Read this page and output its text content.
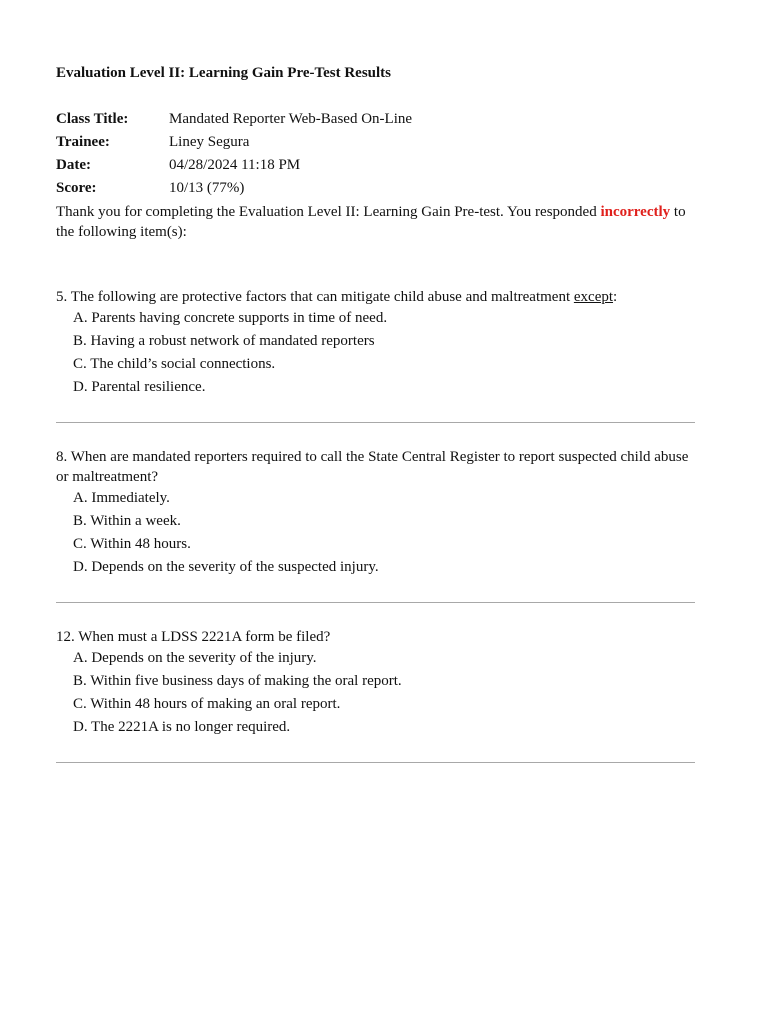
Evaluation Level II: Learning Gain Pre-Test Results
Class Title:	Mandated Reporter Web-Based On-Line
Trainee:	Liney Segura
Date:	04/28/2024 11:18 PM
Score:	10/13 (77%)
Thank you for completing the Evaluation Level II: Learning Gain Pre-test. You responded incorrectly to the following item(s):
5. The following are protective factors that can mitigate child abuse and maltreatment except:
A. Parents having concrete supports in time of need.
B. Having a robust network of mandated reporters
C. The child’s social connections.
D. Parental resilience.
8. When are mandated reporters required to call the State Central Register to report suspected child abuse or maltreatment?
A. Immediately.
B. Within a week.
C. Within 48 hours.
D. Depends on the severity of the suspected injury.
12. When must a LDSS 2221A form be filed?
A. Depends on the severity of the injury.
B. Within five business days of making the oral report.
C. Within 48 hours of making an oral report.
D. The 2221A is no longer required.
